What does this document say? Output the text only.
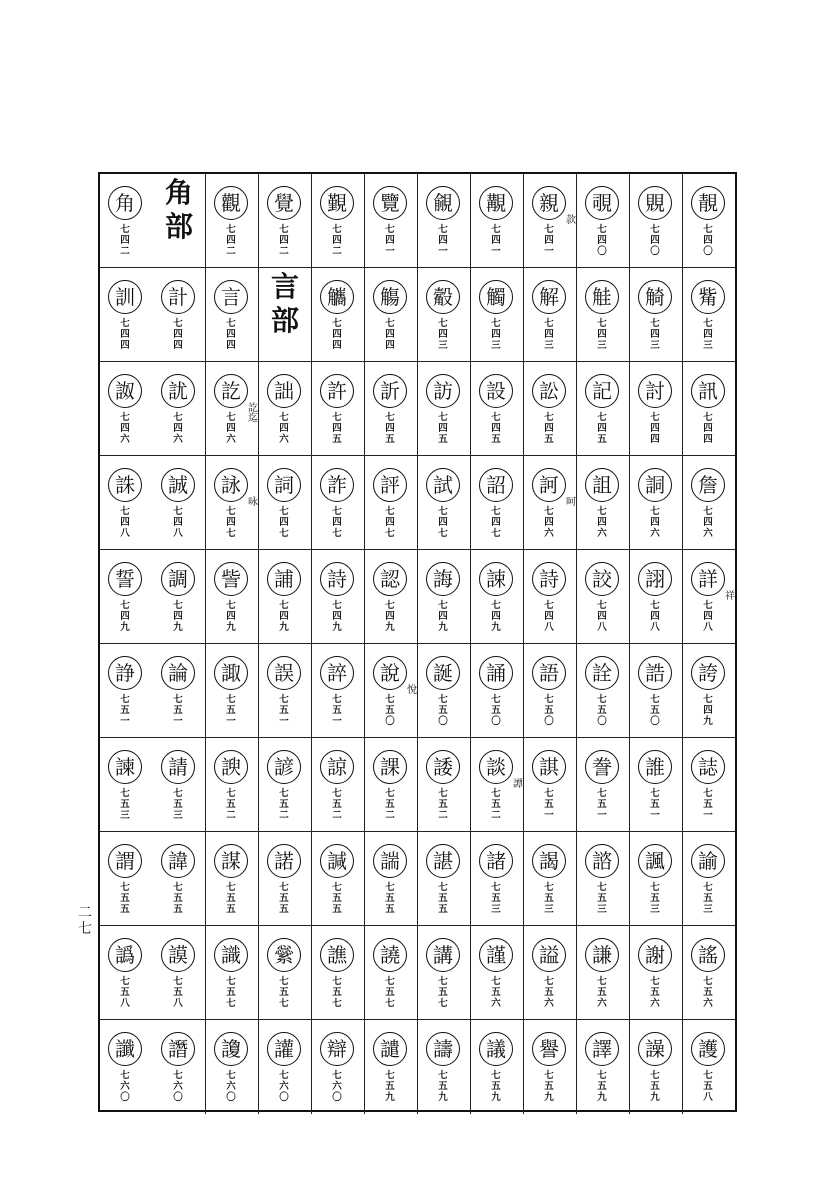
靚
七四〇
覞
七四〇
覗
七四〇
親
七四一
款
覯
七四一
覦
七四一
覽
七四一
覲
七四二
覺
七四二
觀
七四二
角部
角
七四二
觜
七四三
觭
七四三
觟
七四三
解
七四三
觸
七四三
觳
七四三
觴
七四四
觿
七四四
言部
言
七四四
計
七四四
訓
七四四
訊
七四四
討
七四四
記
七四五
訟
七四五
設
七四五
訪
七四五
訢
七四五
許
七四五
詘
七四六
訖
七四六
訖迄
訧
七四六
詉
七四六
詹
七四六
詷
七四六
詛
七四六
訶
七四六
呵
詔
七四七
試
七四七
評
七四七
詐
七四七
詞
七四七
詠
七四七
咏
誠
七四八
誅
七四八
詳
七四八
祥
詡
七四八
詨
七四八
詩
七四八
誎
七四九
誨
七四九
認
七四九
詩
七四九
誧
七四九
訾
七四九
調
七四九
誓
七四九
誇
七四九
誥
七五〇
詮
七五〇
語
七五〇
誦
七五〇
誕
七五〇
說
七五〇
悅
誶
七五一
誤
七五一
諏
七五一
論
七五一
諍
七五一
誌
七五一
誰
七五一
誊
七五一
諆
七五一
談
七五二
譚
諉
七五二
課
七五二
諒
七五二
諺
七五二
諛
七五二
請
七五三
諫
七五三
諭
七五三
諷
七五三
諮
七五三
謁
七五三
諸
七五三
諶
七五五
諯
七五五
諴
七五五
諾
七五五
謀
七五五
諱
七五五
謂
七五五
謠
七五六
謝
七五六
謙
七五六
謚
七五六
謹
七五六
講
七五七
譊
七五七
譙
七五七
繠
七五七
識
七五七
謨
七五八
譌
七五八
護
七五八
譟
七五九
譯
七五九
譽
七五九
議
七五九
譸
七五九
譴
七五九
辯
七六〇
讙
七六〇
讂
七六〇
譖
七六〇
讖
七六〇
二七
